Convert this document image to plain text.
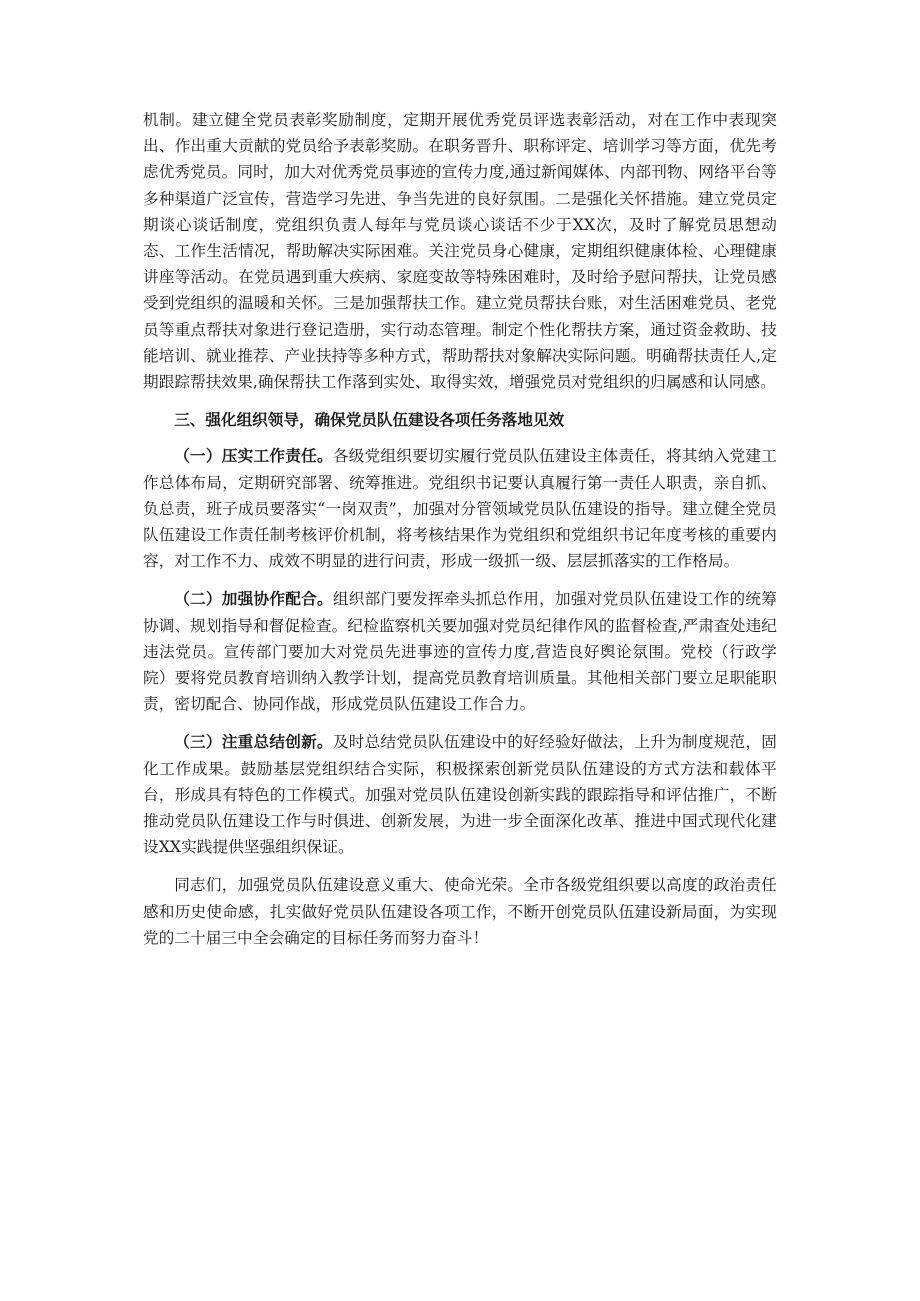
机制。建立健全党员表彰奖励制度，定期开展优秀党员评选表彰活动，对在工作中表现突出、作出重大贡献的党员给予表彰奖励。在职务晋升、职称评定、培训学习等方面，优先考虑优秀党员。同时，加大对优秀党员事迹的宣传力度,通过新闻媒体、内部刊物、网络平台等多种渠道广泛宣传，营造学习先进、争当先进的良好氛围。二是强化关怀措施。建立党员定期谈心谈话制度，党组织负责人每年与党员谈心谈话不少于XX次，及时了解党员思想动态、工作生活情况，帮助解决实际困难。关注党员身心健康，定期组织健康体检、心理健康讲座等活动。在党员遇到重大疾病、家庭变故等特殊困难时，及时给予慰问帮扶，让党员感受到党组织的温暖和关怀。三是加强帮扶工作。建立党员帮扶台账，对生活困难党员、老党员等重点帮扶对象进行登记造册，实行动态管理。制定个性化帮扶方案，通过资金救助、技能培训、就业推荐、产业扶持等多种方式，帮助帮扶对象解决实际问题。明确帮扶责任人,定期跟踪帮扶效果,确保帮扶工作落到实处、取得实效，增强党员对党组织的归属感和认同感。

三、强化组织领导，确保党员队伍建设各项任务落地见效

（一）压实工作责任。各级党组织要切实履行党员队伍建设主体责任，将其纳入党建工作总体布局，定期研究部署、统筹推进。党组织书记要认真履行第一责任人职责，亲自抓、负总责，班子成员要落实“一岗双责”，加强对分管领域党员队伍建设的指导。建立健全党员队伍建设工作责任制考核评价机制，将考核结果作为党组织和党组织书记年度考核的重要内容，对工作不力、成效不明显的进行问责，形成一级抓一级、层层抓落实的工作格局。

（二）加强协作配合。组织部门要发挥牵头抓总作用，加强对党员队伍建设工作的统筹协调、规划指导和督促检查。纪检监察机关要加强对党员纪律作风的监督检查,严肃查处违纪违法党员。宣传部门要加大对党员先进事迹的宣传力度,营造良好舆论氛围。党校（行政学院）要将党员教育培训纳入教学计划，提高党员教育培训质量。其他相关部门要立足职能职责，密切配合、协同作战，形成党员队伍建设工作合力。

（三）注重总结创新。及时总结党员队伍建设中的好经验好做法，上升为制度规范，固化工作成果。鼓励基层党组织结合实际，积极探索创新党员队伍建设的方式方法和载体平台，形成具有特色的工作模式。加强对党员队伍建设创新实践的跟踪指导和评估推广，不断推动党员队伍建设工作与时俱进、创新发展，为进一步全面深化改革、推进中国式现代化建设XX实践提供坚强组织保证。

同志们，加强党员队伍建设意义重大、使命光荣。全市各级党组织要以高度的政治责任感和历史使命感，扎实做好党员队伍建设各项工作，不断开创党员队伍建设新局面，为实现党的二十届三中全会确定的目标任务而努力奋斗！
